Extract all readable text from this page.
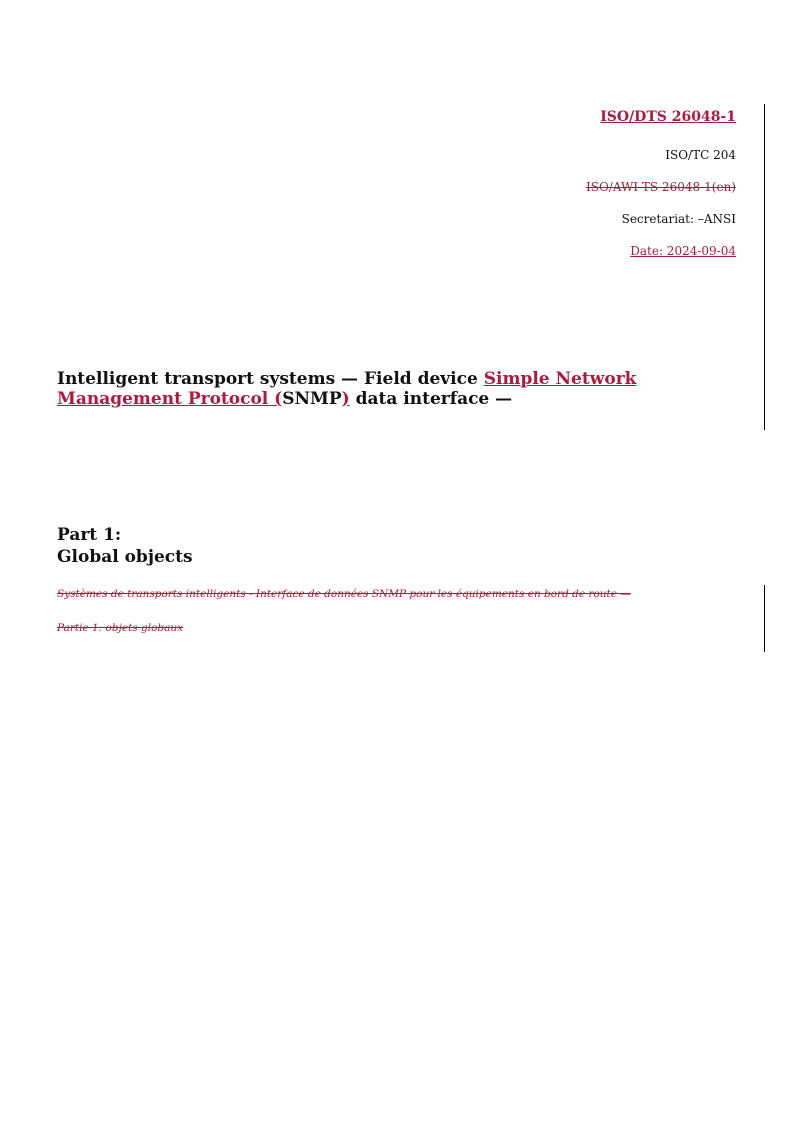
ISO/DTS 26048-1
ISO/TC 204
ISO/AWI TS 26048-1(en)
Secretariat: –ANSI
Date: 2024-09-04
Intelligent transport systems — Field device Simple Network Management Protocol (SNMP) data interface —
Part 1:
Global objects
Systèmes de transports intelligents - Interface de données SNMP pour les équipements en bord de route —
Partie 1: objets globaux
